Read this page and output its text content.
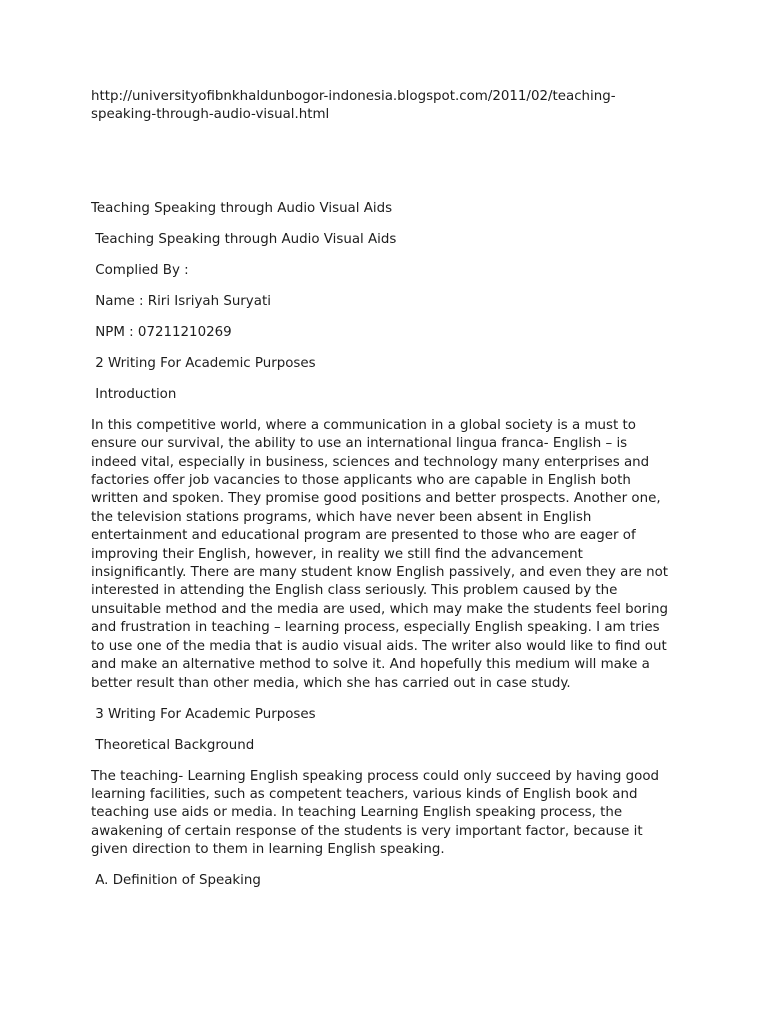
http://universityofibnkhaldunbogor-indonesia.blogspot.com/2011/02/teaching-

speaking-through-audio-visual.html

Teaching Speaking through Audio Visual Aids

Teaching Speaking through Audio Visual Aids

Complied By :

Name : Riri Isriyah Suryati

NPM : 07211210269

2 Writing For Academic Purposes

Introduction

In this competitive world, where a communication in a global society is a must to ensure our survival, the ability to use an international lingua franca- English – is indeed vital, especially in business, sciences and technology many enterprises and factories offer job vacancies to those applicants who are capable in English both written and spoken. They promise good positions and better prospects. Another one, the television stations programs, which have never been absent in English entertainment and educational program are presented to those who are eager of improving their English, however, in reality we still find the advancement insignificantly. There are many student know English passively, and even they are not interested in attending the English class seriously. This problem caused by the unsuitable method and the media are used, which may make the students feel boring and frustration in teaching – learning process, especially English speaking. I am tries to use one of the media that is audio visual aids. The writer also would like to find out and make an alternative method to solve it. And hopefully this medium will make a better result than other media, which she has carried out in case study.

3 Writing For Academic Purposes

Theoretical Background

The teaching- Learning English speaking process could only succeed by having good learning facilities, such as competent teachers, various kinds of English book and teaching use aids or media. In teaching Learning English speaking process, the awakening of certain response of the students is very important factor, because it given direction to them in learning English speaking.

A. Definition of Speaking
